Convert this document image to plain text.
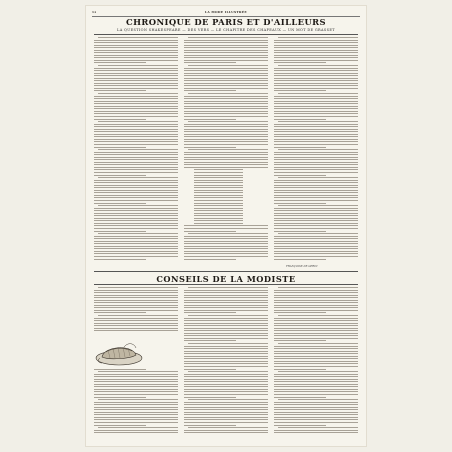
94	LA MODE ILLUSTRÉE
CHRONIQUE DE PARIS ET D'AILLEURS
LA QUESTION SHAKESPEARE — DES VERS — LE CHAPITRE DES CHAPEAUX — UN MOT DE GRASSET
FRANÇOISE DE GERIN
CONSEILS DE LA MODISTE
